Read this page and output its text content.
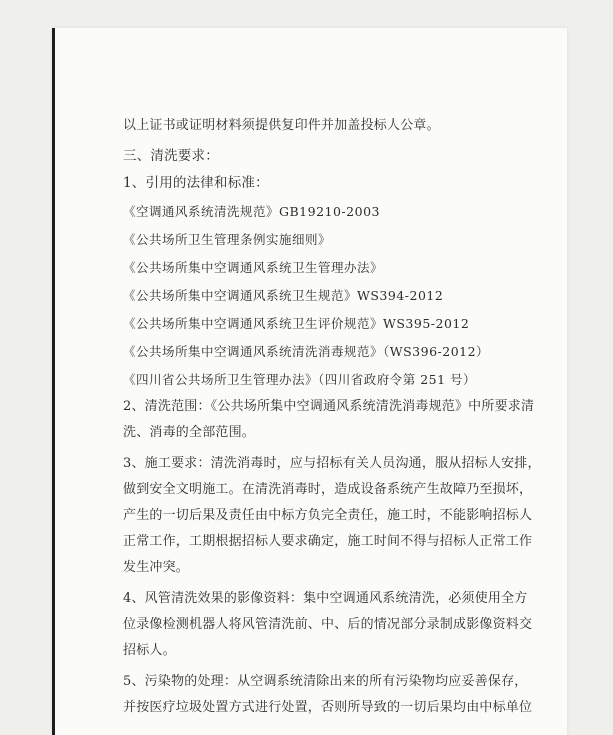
以上证书或证明材料须提供复印件并加盖投标人公章。
三、清洗要求：
1、引用的法律和标准：
《空调通风系统清洗规范》GB19210-2003
《公共场所卫生管理条例实施细则》
《公共场所集中空调通风系统卫生管理办法》
《公共场所集中空调通风系统卫生规范》WS394-2012
《公共场所集中空调通风系统卫生评价规范》WS395-2012
《公共场所集中空调通风系统清洗消毒规范》（WS396-2012）
《四川省公共场所卫生管理办法》（四川省政府令第 251 号）
2、清洗范围：《公共场所集中空调通风系统清洗消毒规范》中所要求清
洗、消毒的全部范围。
3、施工要求：清洗消毒时，应与招标有关人员沟通，服从招标人安排，
做到安全文明施工。在清洗消毒时，造成设备系统产生故障乃至损坏，
产生的一切后果及责任由中标方负完全责任，施工时，不能影响招标人
正常工作，工期根据招标人要求确定，施工时间不得与招标人正常工作
发生冲突。
4、风管清洗效果的影像资料：集中空调通风系统清洗，必须使用全方
位录像检测机器人将风管清洗前、中、后的情况部分录制成影像资料交
招标人。
5、污染物的处理：从空调系统清除出来的所有污染物均应妥善保存，
并按医疗垃圾处置方式进行处置，否则所导致的一切后果均由中标单位
